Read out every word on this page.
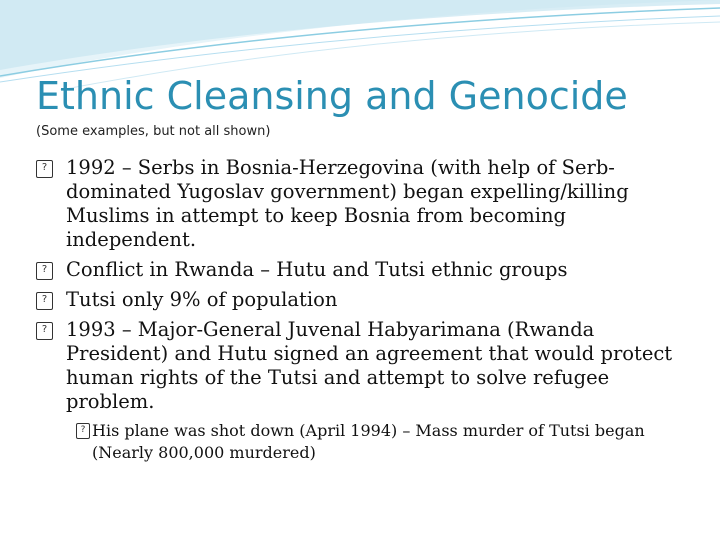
Ethnic Cleansing and Genocide
(Some examples, but not all shown)
? 1992 – Serbs in Bosnia-Herzegovina (with help of Serb-dominated Yugoslav government) began expelling/killing Muslims in attempt to keep Bosnia from becoming independent.
? Conflict in Rwanda – Hutu and Tutsi ethnic groups
? Tutsi only 9% of population
? 1993 – Major-General Juvenal Habyarimana (Rwanda President) and Hutu signed an agreement that would protect human rights of the Tutsi and attempt to solve refugee problem.
? His plane was shot down (April 1994) – Mass murder of Tutsi began (Nearly 800,000 murdered)
